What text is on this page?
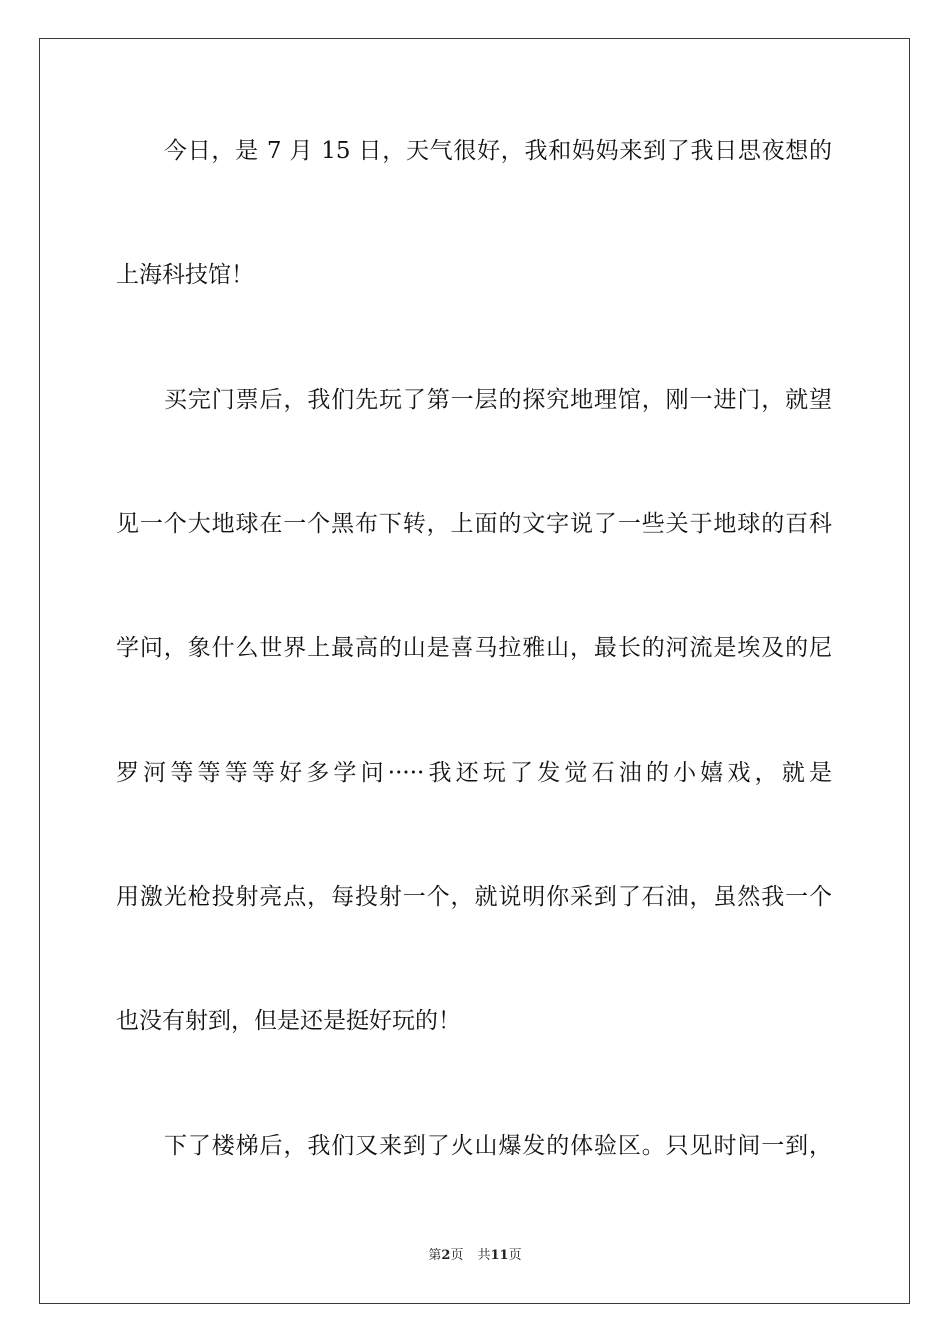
今日，是 7 月 15 日，天气很好，我和妈妈来到了我日思夜想的
上海科技馆！
买完门票后，我们先玩了第一层的探究地理馆，刚一进门，就望
见一个大地球在一个黑布下转，上面的文字说了一些关于地球的百科
学问，象什么世界上最高的山是喜马拉雅山，最长的河流是埃及的尼
罗河等等等等好多学问·····我还玩了发觉石油的小嬉戏，就是
用激光枪投射亮点，每投射一个，就说明你采到了石油，虽然我一个
也没有射到，但是还是挺好玩的！
下了楼梯后，我们又来到了火山爆发的体验区。只见时间一到，
第2页 共11页
